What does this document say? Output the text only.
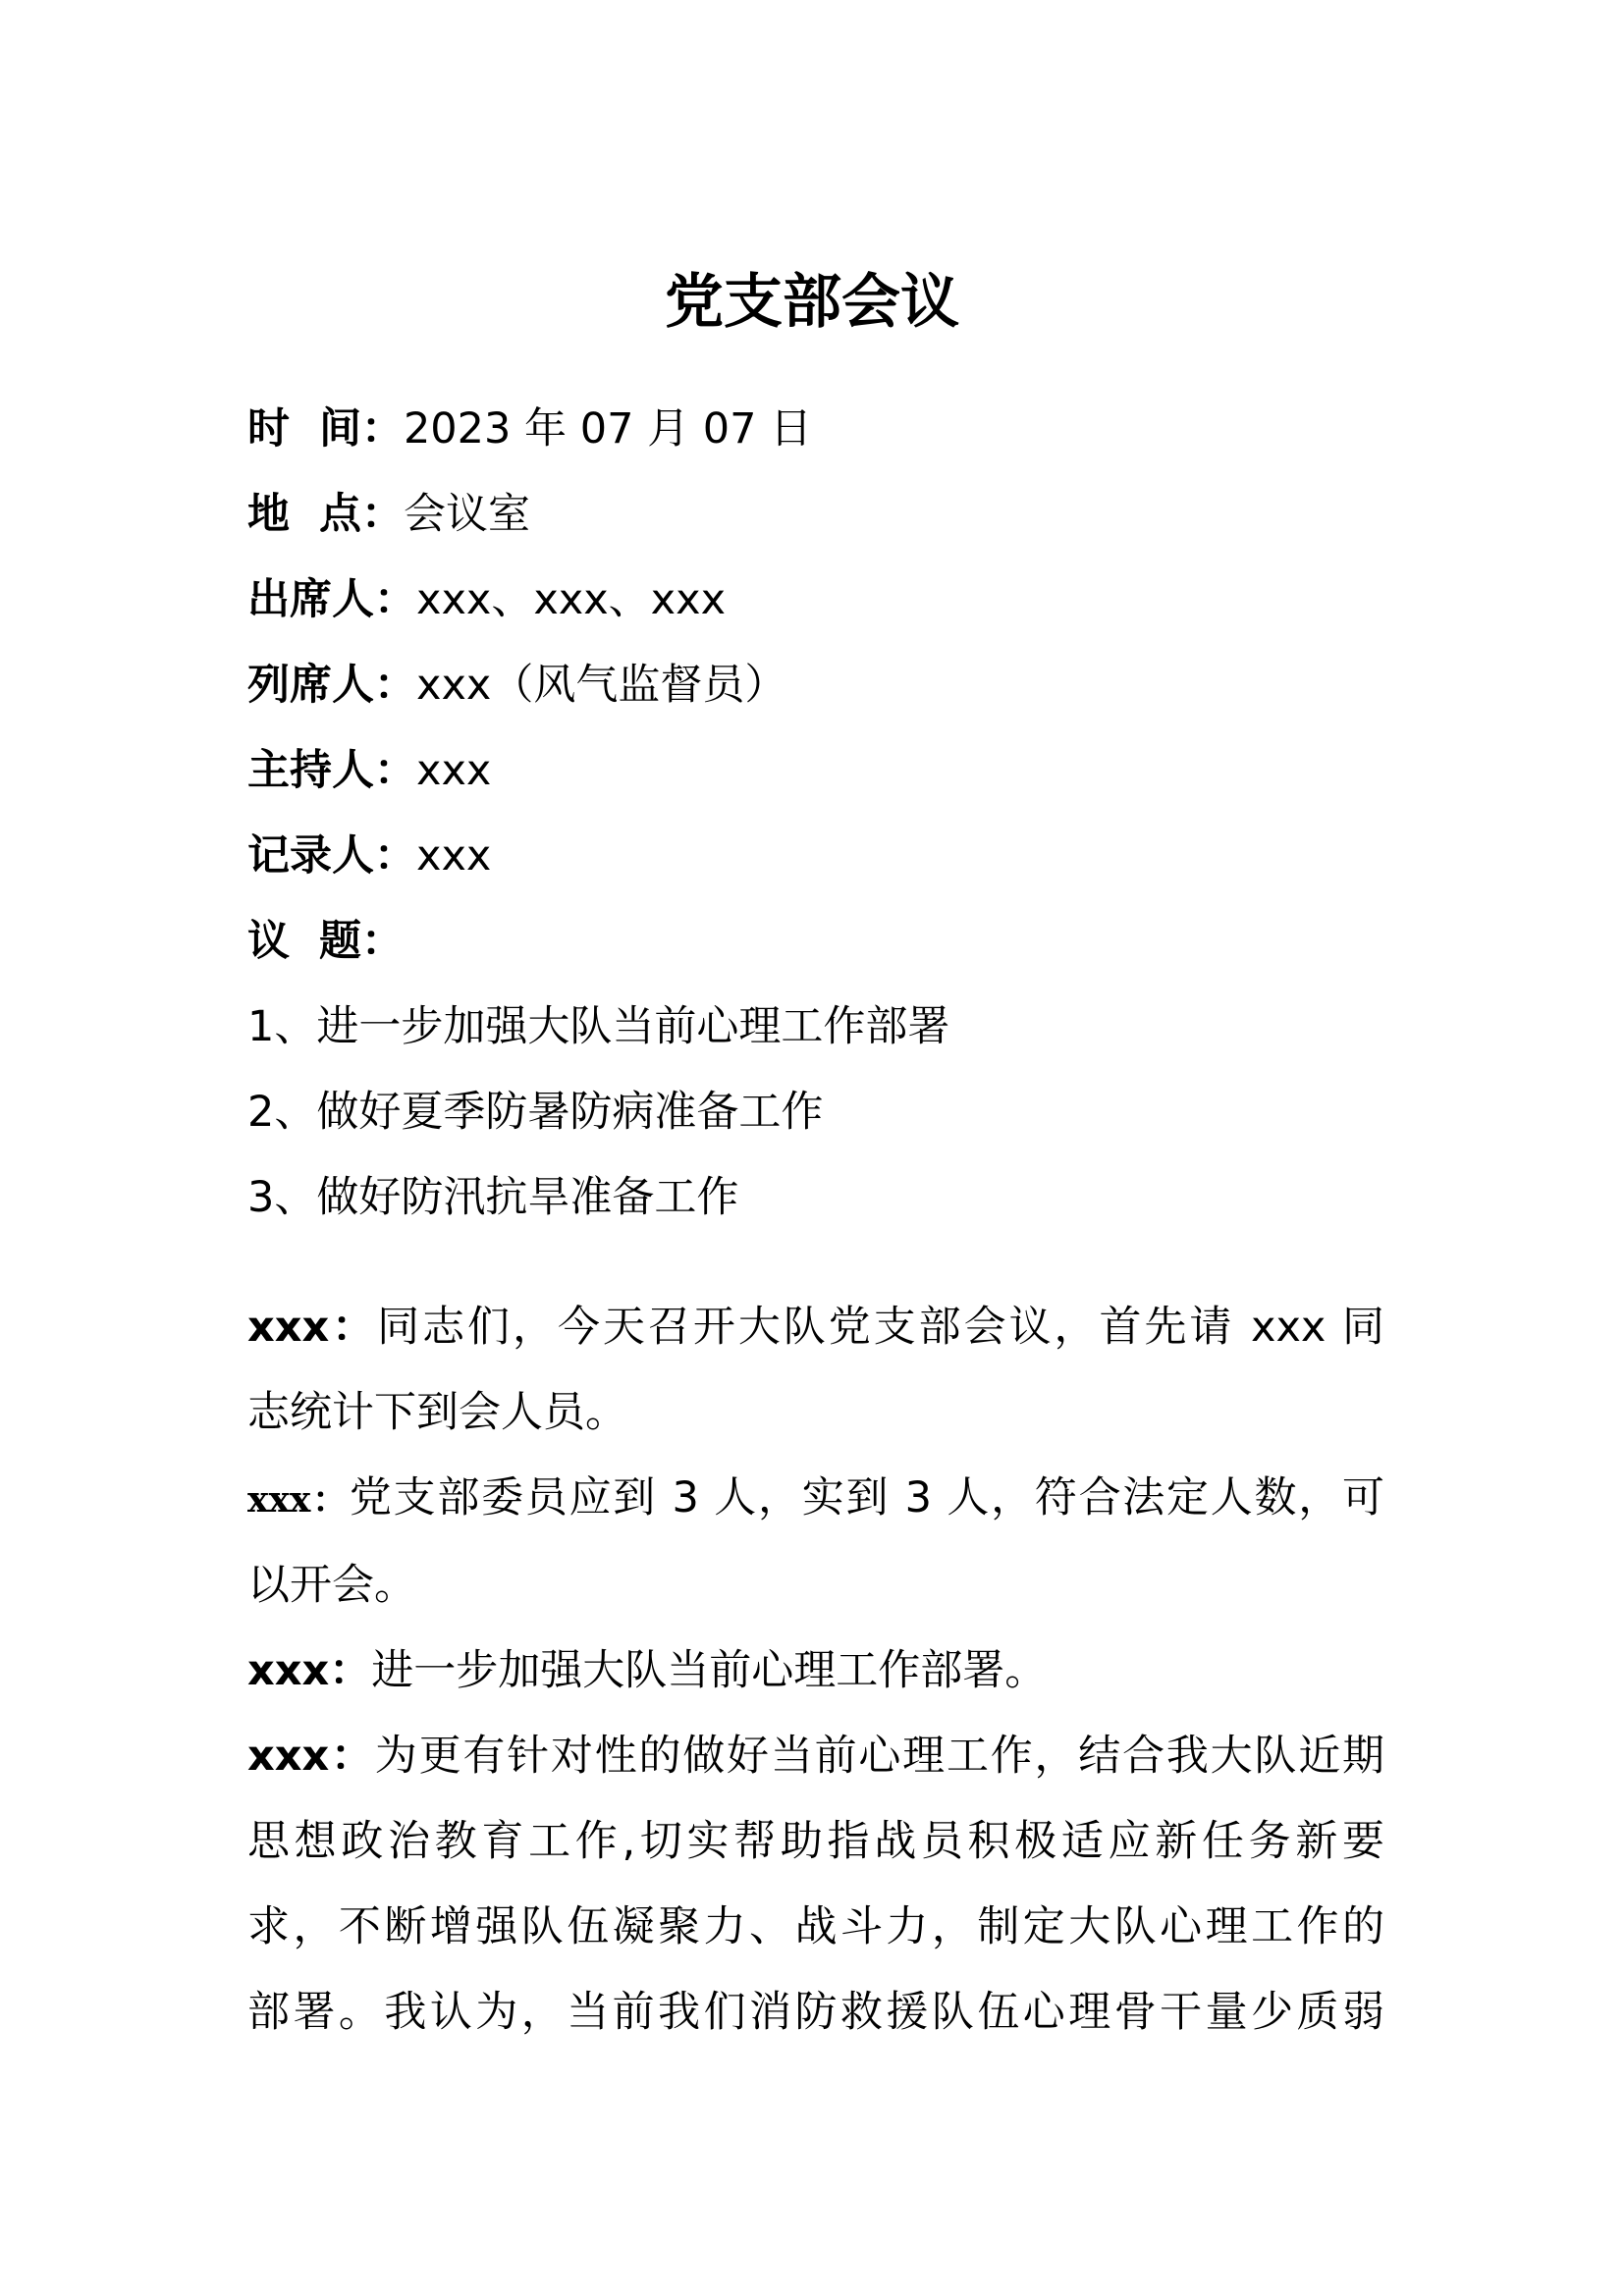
党支部会议
时  间：2023 年 07 月 07 日
地  点：会议室
出席人：xxx、xxx、xxx
列席人：xxx（风气监督员）
主持人：xxx
记录人：xxx
议  题：
1、进一步加强大队当前心理工作部署
2、做好夏季防暑防病准备工作
3、做好防汛抗旱准备工作
xxx：同志们，今天召开大队党支部会议，首先请 xxx 同
志统计下到会人员。
xxx：党支部委员应到 3 人，实到 3 人，符合法定人数，可
以开会。
xxx：进一步加强大队当前心理工作部署。
xxx：为更有针对性的做好当前心理工作，结合我大队近期
思想政治教育工作,切实帮助指战员积极适应新任务新要
求，不断增强队伍凝聚力、战斗力，制定大队心理工作的
部署。我认为，当前我们消防救援队伍心理骨干量少质弱
